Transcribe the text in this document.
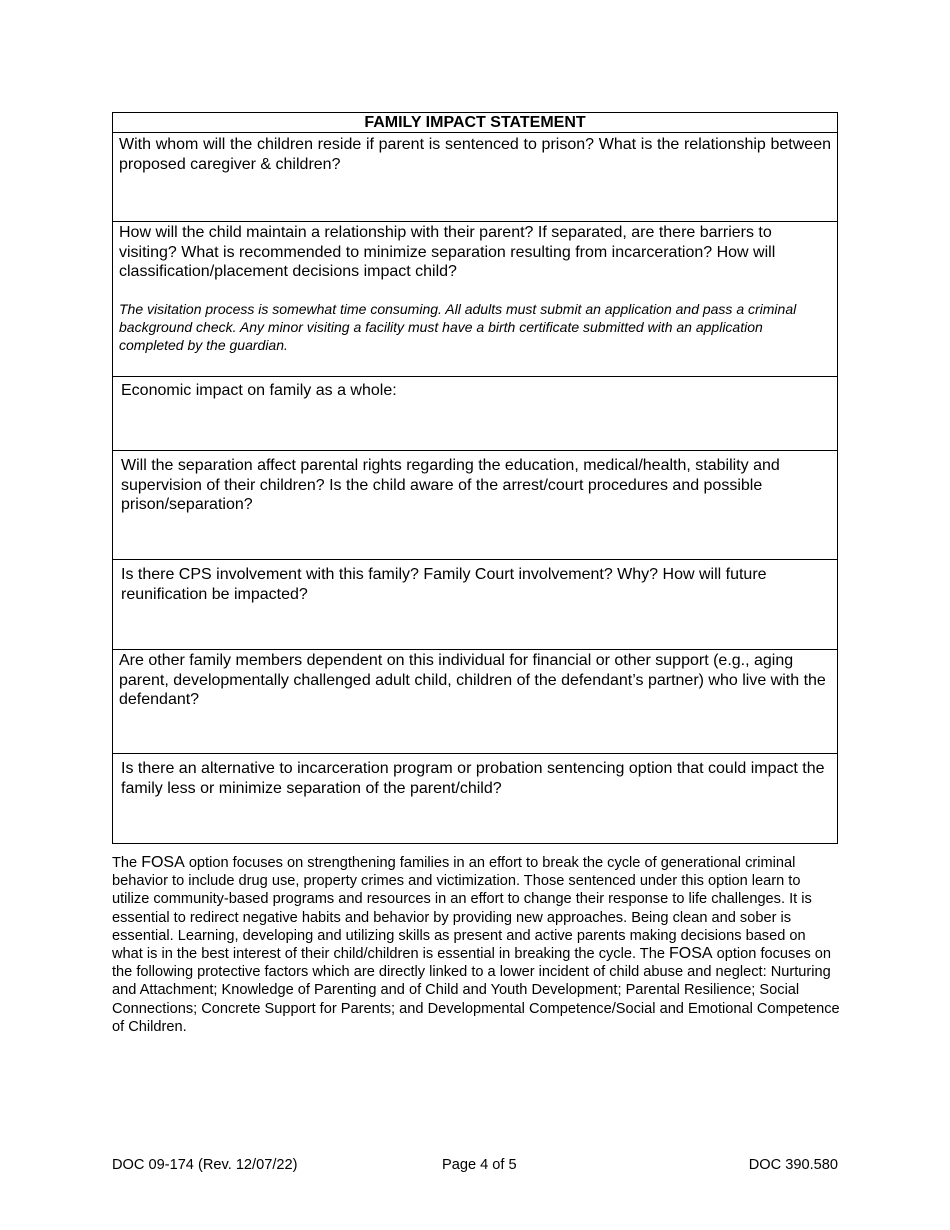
FAMILY IMPACT STATEMENT

With whom will the children reside if parent is sentenced to prison? What is the relationship between proposed caregiver & children?

How will the child maintain a relationship with their parent? If separated, are there barriers to visiting? What is recommended to minimize separation resulting from incarceration? How will classification/placement decisions impact child?
The visitation process is somewhat time consuming. All adults must submit an application and pass a criminal background check. Any minor visiting a facility must have a birth certificate submitted with an application completed by the guardian.

Economic impact on family as a whole:

Will the separation affect parental rights regarding the education, medical/health, stability and supervision of their children? Is the child aware of the arrest/court procedures and possible prison/separation?

Is there CPS involvement with this family? Family Court involvement? Why? How will future reunification be impacted?

Are other family members dependent on this individual for financial or other support (e.g., aging parent, developmentally challenged adult child, children of the defendant’s partner) who live with the defendant?

Is there an alternative to incarceration program or probation sentencing option that could impact the family less or minimize separation of the parent/child?
The FOSA option focuses on strengthening families in an effort to break the cycle of generational criminal behavior to include drug use, property crimes and victimization. Those sentenced under this option learn to utilize community-based programs and resources in an effort to change their response to life challenges. It is essential to redirect negative habits and behavior by providing new approaches. Being clean and sober is essential. Learning, developing and utilizing skills as present and active parents making decisions based on what is in the best interest of their child/children is essential in breaking the cycle. The FOSA option focuses on the following protective factors which are directly linked to a lower incident of child abuse and neglect: Nurturing and Attachment; Knowledge of Parenting and of Child and Youth Development; Parental Resilience; Social Connections; Concrete Support for Parents; and Developmental Competence/Social and Emotional Competence of Children.
DOC 09-174 (Rev. 12/07/22)	Page 4 of 5	DOC 390.580
